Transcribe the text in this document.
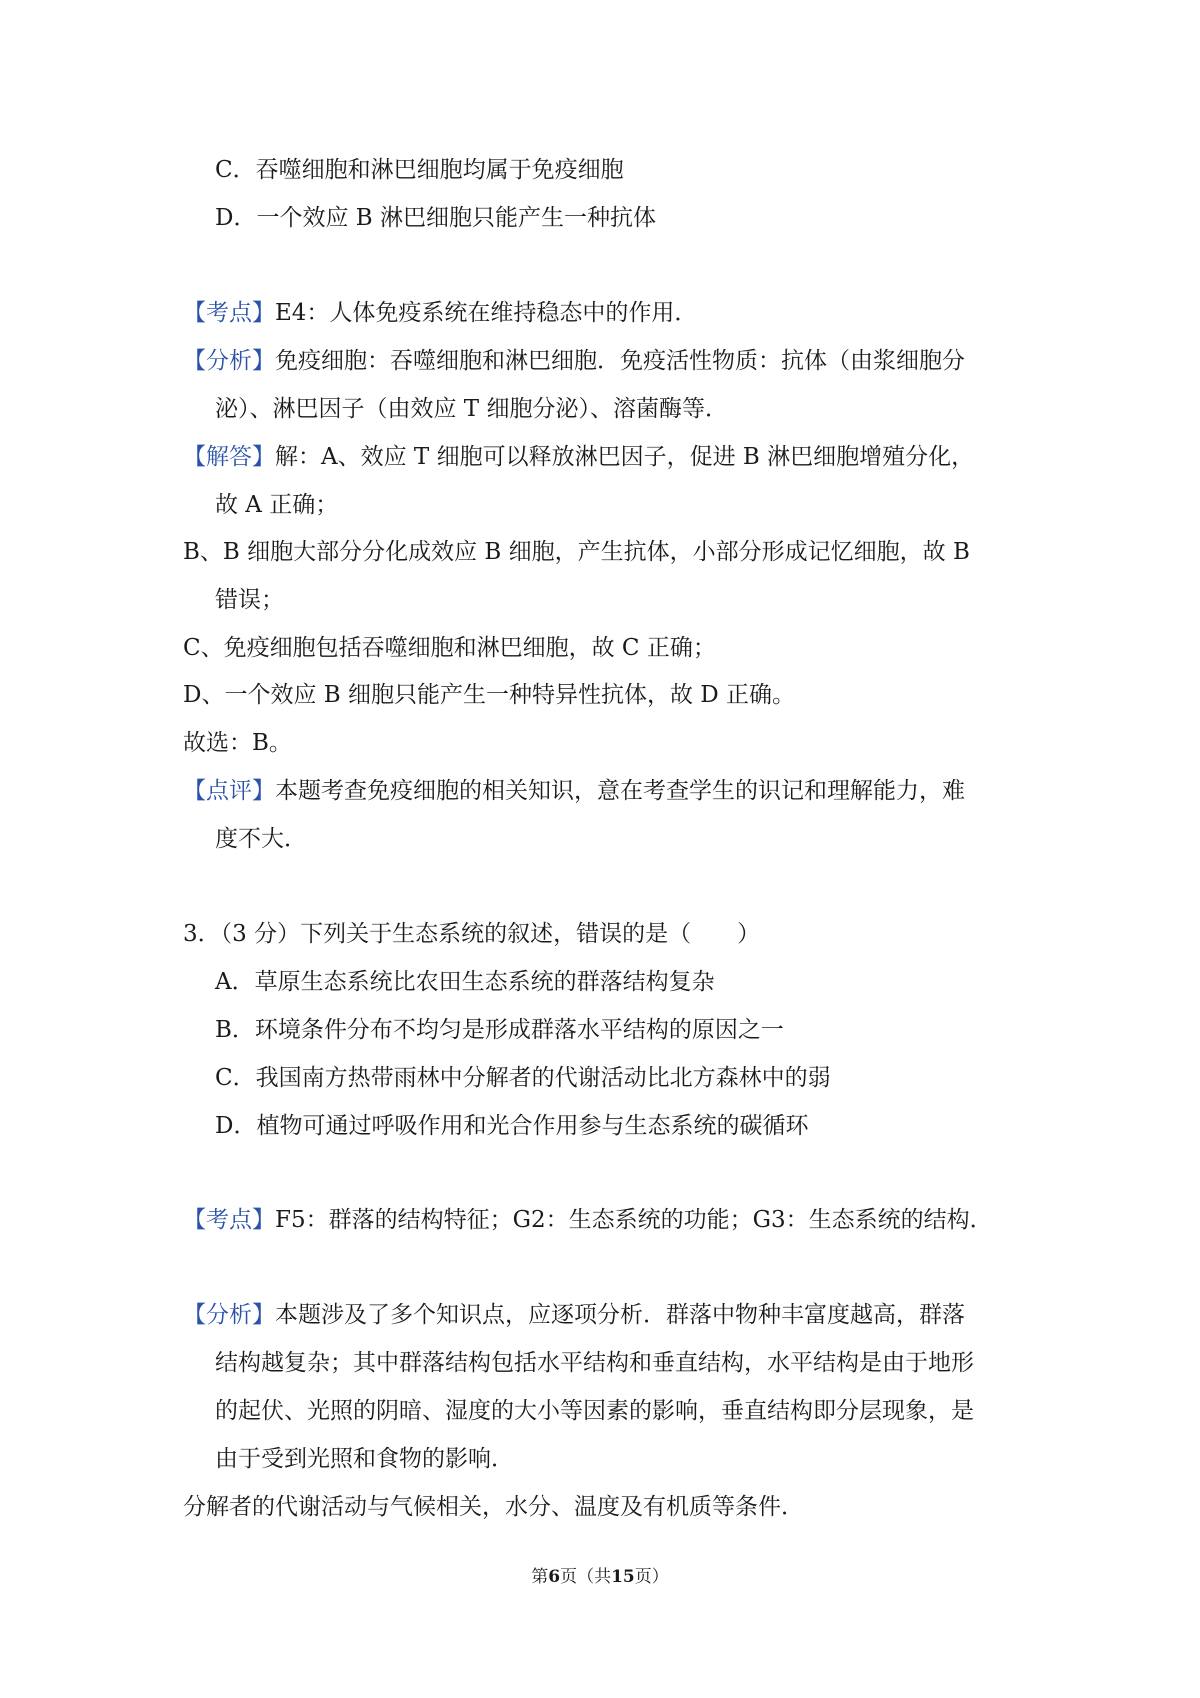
C．吞噬细胞和淋巴细胞均属于免疫细胞
D．一个效应 B 淋巴细胞只能产生一种抗体
【考点】E4：人体免疫系统在维持稳态中的作用．
【分析】免疫细胞：吞噬细胞和淋巴细胞．免疫活性物质：抗体（由浆细胞分
泌）、淋巴因子（由效应 T 细胞分泌）、溶菌酶等．
【解答】解：A、效应 T 细胞可以释放淋巴因子，促进 B 淋巴细胞增殖分化，
故 A 正确；
B、B 细胞大部分分化成效应 B 细胞，产生抗体，小部分形成记忆细胞，故 B
错误；
C、免疫细胞包括吞噬细胞和淋巴细胞，故 C 正确；
D、一个效应 B 细胞只能产生一种特异性抗体，故 D 正确。
故选：B。
【点评】本题考查免疫细胞的相关知识，意在考查学生的识记和理解能力，难
度不大．
3．（3 分）下列关于生态系统的叙述，错误的是（　　）
A．草原生态系统比农田生态系统的群落结构复杂
B．环境条件分布不均匀是形成群落水平结构的原因之一
C．我国南方热带雨林中分解者的代谢活动比北方森林中的弱
D．植物可通过呼吸作用和光合作用参与生态系统的碳循环
【考点】F5：群落的结构特征；G2：生态系统的功能；G3：生态系统的结构．
【分析】本题涉及了多个知识点，应逐项分析．群落中物种丰富度越高，群落
结构越复杂；其中群落结构包括水平结构和垂直结构，水平结构是由于地形
的起伏、光照的阴暗、湿度的大小等因素的影响，垂直结构即分层现象，是
由于受到光照和食物的影响．
分解者的代谢活动与气候相关，水分、温度及有机质等条件．
第6页（共15页）
